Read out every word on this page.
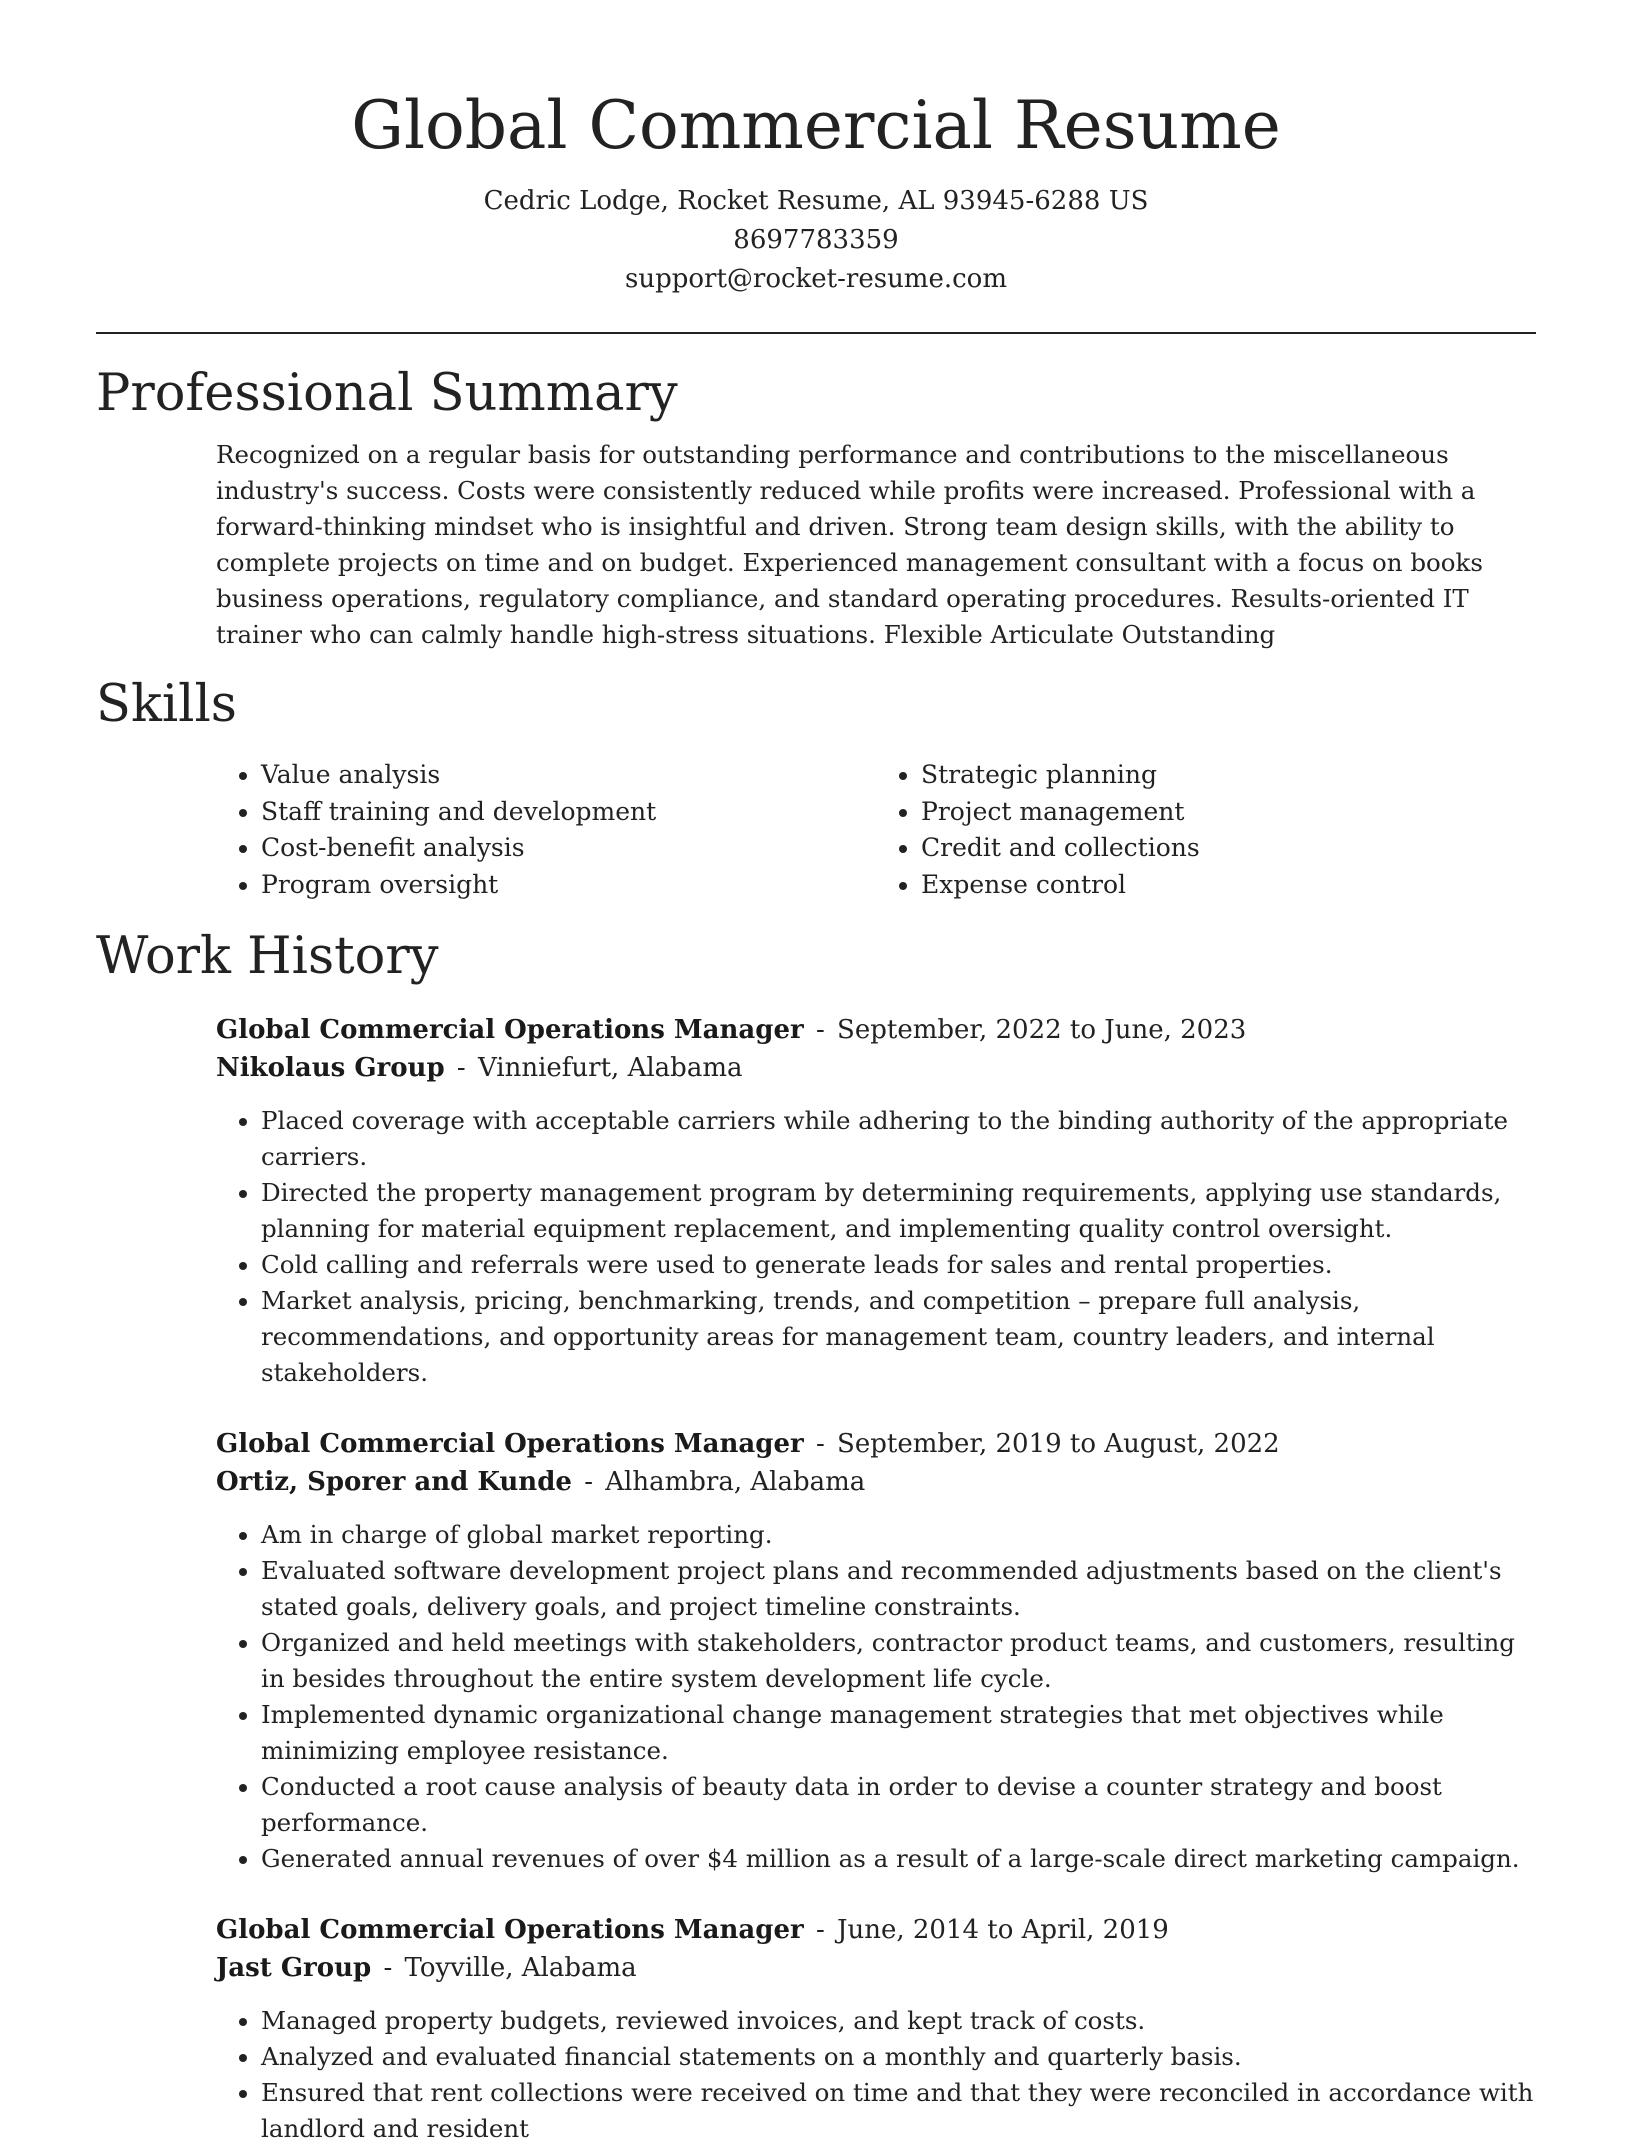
Global Commercial Resume
Cedric Lodge, Rocket Resume, AL 93945-6288 US
8697783359
support@rocket-resume.com
Professional Summary

Recognized on a regular basis for outstanding performance and contributions to the miscellaneous industry's success. Costs were consistently reduced while profits were increased. Professional with a forward-thinking mindset who is insightful and driven. Strong team design skills, with the ability to complete projects on time and on budget. Experienced management consultant with a focus on books business operations, regulatory compliance, and standard operating procedures. Results-oriented IT trainer who can calmly handle high-stress situations. Flexible Articulate Outstanding

Skills
• Value analysis
• Staff training and development
• Cost-benefit analysis
• Program oversight
• Strategic planning
• Project management
• Credit and collections
• Expense control
Work History
Global Commercial Operations Manager - September, 2022 to June, 2023
Nikolaus Group - Vinniefurt, Alabama
• Placed coverage with acceptable carriers while adhering to the binding authority of the appropriate carriers.
• Directed the property management program by determining requirements, applying use standards, planning for material equipment replacement, and implementing quality control oversight.
• Cold calling and referrals were used to generate leads for sales and rental properties.
• Market analysis, pricing, benchmarking, trends, and competition – prepare full analysis, recommendations, and opportunity areas for management team, country leaders, and internal stakeholders.
Global Commercial Operations Manager - September, 2019 to August, 2022
Ortiz, Sporer and Kunde - Alhambra, Alabama
• Am in charge of global market reporting.
• Evaluated software development project plans and recommended adjustments based on the client's stated goals, delivery goals, and project timeline constraints.
• Organized and held meetings with stakeholders, contractor product teams, and customers, resulting in besides throughout the entire system development life cycle.
• Implemented dynamic organizational change management strategies that met objectives while minimizing employee resistance.
• Conducted a root cause analysis of beauty data in order to devise a counter strategy and boost performance.
• Generated annual revenues of over $4 million as a result of a large-scale direct marketing campaign.
Global Commercial Operations Manager - June, 2014 to April, 2019
Jast Group - Toyville, Alabama
• Managed property budgets, reviewed invoices, and kept track of costs.
• Analyzed and evaluated financial statements on a monthly and quarterly basis.
• Ensured that rent collections were received on time and that they were reconciled in accordance with landlord and resident
